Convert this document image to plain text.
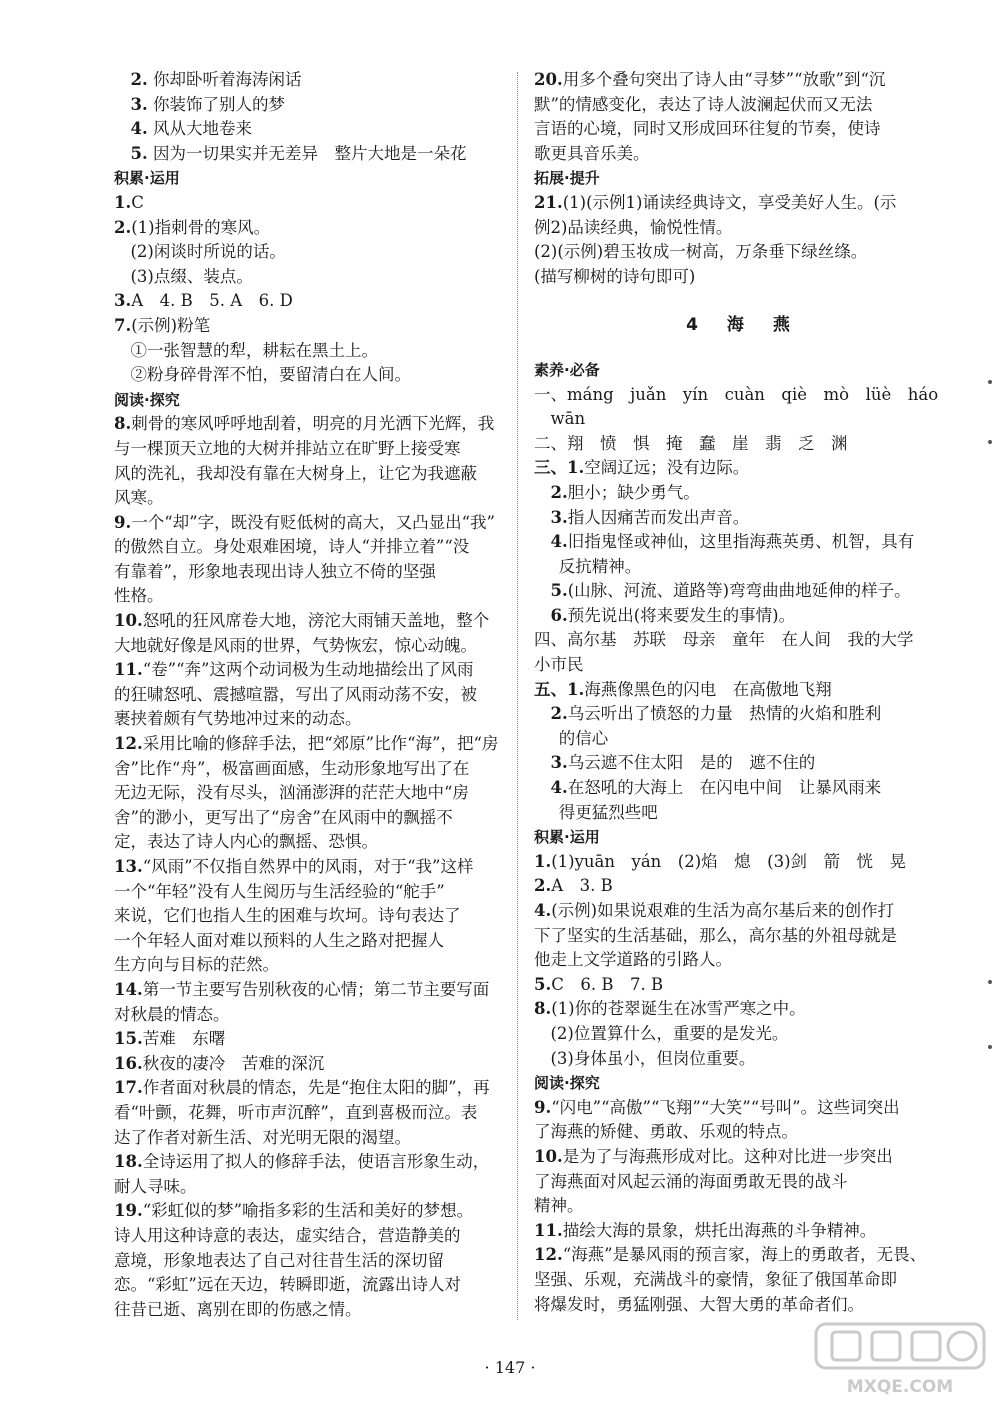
 2. 你却卧听着海涛闲话
 3. 你装饰了别人的梦
 4. 风从大地卷来
 5. 因为一切果实并无差异　整片大地是一朵花
积累·运用
1.C
2.(1)指刺骨的寒风。
 (2)闲谈时所说的话。
 (3)点缀、装点。
3.A　4. B　5. A　6. D
7.(示例)粉笔
 ①一张智慧的犁，耕耘在黑土上。
 ②粉身碎骨浑不怕，要留清白在人间。
阅读·探究
8.刺骨的寒风呼呼地刮着，明亮的月光洒下光辉，我
与一棵顶天立地的大树并排站立在旷野上接受寒
风的洗礼，我却没有靠在大树身上，让它为我遮蔽
风寒。
9.一个“却”字，既没有贬低树的高大，又凸显出“我”
的傲然自立。身处艰难困境，诗人“并排立着”“没
有靠着”，形象地表现出诗人独立不倚的坚强
性格。
10.怒吼的狂风席卷大地，滂沱大雨铺天盖地，整个
大地就好像是风雨的世界，气势恢宏，惊心动魄。
11.“卷”“奔”这两个动词极为生动地描绘出了风雨
的狂啸怒吼、震撼喧嚣，写出了风雨动荡不安，被
裹挟着颇有气势地冲过来的动态。
12.采用比喻的修辞手法，把“郊原”比作“海”，把“房
舍”比作“舟”，极富画面感，生动形象地写出了在
无边无际，没有尽头，汹涌澎湃的茫茫大地中“房
舍”的渺小，更写出了“房舍”在风雨中的飘摇不
定，表达了诗人内心的飘摇、恐惧。
13.“风雨”不仅指自然界中的风雨，对于“我”这样
一个“年轻”没有人生阅历与生活经验的“舵手”
来说，它们也指人生的困难与坎坷。诗句表达了
一个年轻人面对难以预料的人生之路对把握人
生方向与目标的茫然。
14.第一节主要写告别秋夜的心情；第二节主要写面
对秋晨的情态。
15.苦难　东曙
16.秋夜的凄冷　苦难的深沉
17.作者面对秋晨的情态，先是“抱住太阳的脚”，再
看“叶颤，花舞，听市声沉醉”，直到喜极而泣。表
达了作者对新生活、对光明无限的渴望。
18.全诗运用了拟人的修辞手法，使语言形象生动，
耐人寻味。
19.“彩虹似的梦”喻指多彩的生活和美好的梦想。
诗人用这种诗意的表达，虚实结合，营造静美的
意境，形象地表达了自己对往昔生活的深切留
恋。“彩虹”远在天边，转瞬即逝，流露出诗人对
往昔已逝、离别在即的伤感之情。
20.用多个叠句突出了诗人由“寻梦”“放歌”到“沉
默”的情感变化，表达了诗人波澜起伏而又无法
言语的心境，同时又形成回环往复的节奏，使诗
歌更具音乐美。
拓展·提升
21.(1)(示例1)诵读经典诗文，享受美好人生。(示
例2)品读经典，愉悦性情。
(2)(示例)碧玉妆成一树高，万条垂下绿丝绦。
(描写柳树的诗句即可)
4　海　燕
素养·必备
一、máng　juǎn　yín　cuàn　qiè　mò　lüè　háo
 wān
二、翔　愤　惧　掩　蠢　崖　翡　乏　渊
三、1.空阔辽远；没有边际。
 2.胆小；缺少勇气。
 3.指人因痛苦而发出声音。
 4.旧指鬼怪或神仙，这里指海燕英勇、机智，具有
  反抗精神。
 5.(山脉、河流、道路等)弯弯曲曲地延伸的样子。
 6.预先说出(将来要发生的事情)。
四、高尔基　苏联　母亲　童年　在人间　我的大学
小市民
五、1.海燕像黑色的闪电　在高傲地飞翔
 2.乌云听出了愤怒的力量　热情的火焰和胜利
  的信心
 3.乌云遮不住太阳　是的　遮不住的
 4.在怒吼的大海上　在闪电中间　让暴风雨来
  得更猛烈些吧
积累·运用
1.(1)yuān　yán　(2)焰　熄　(3)剑　箭　恍　晃
2.A　3. B
4.(示例)如果说艰难的生活为高尔基后来的创作打
下了坚实的生活基础，那么，高尔基的外祖母就是
他走上文学道路的引路人。
5.C　6. B　7. B
8.(1)你的苍翠诞生在冰雪严寒之中。
 (2)位置算什么，重要的是发光。
 (3)身体虽小，但岗位重要。
阅读·探究
9.“闪电”“高傲”“飞翔”“大笑”“号叫”。这些词突出
了海燕的矫健、勇敢、乐观的特点。
10.是为了与海燕形成对比。这种对比进一步突出
了海燕面对风起云涌的海面勇敢无畏的战斗
精神。
11.描绘大海的景象，烘托出海燕的斗争精神。
12.“海燕”是暴风雨的预言家，海上的勇敢者，无畏、
坚强、乐观，充满战斗的豪情，象征了俄国革命即
将爆发时，勇猛刚强、大智大勇的革命者们。
· 147 ·
MXQE.COM
